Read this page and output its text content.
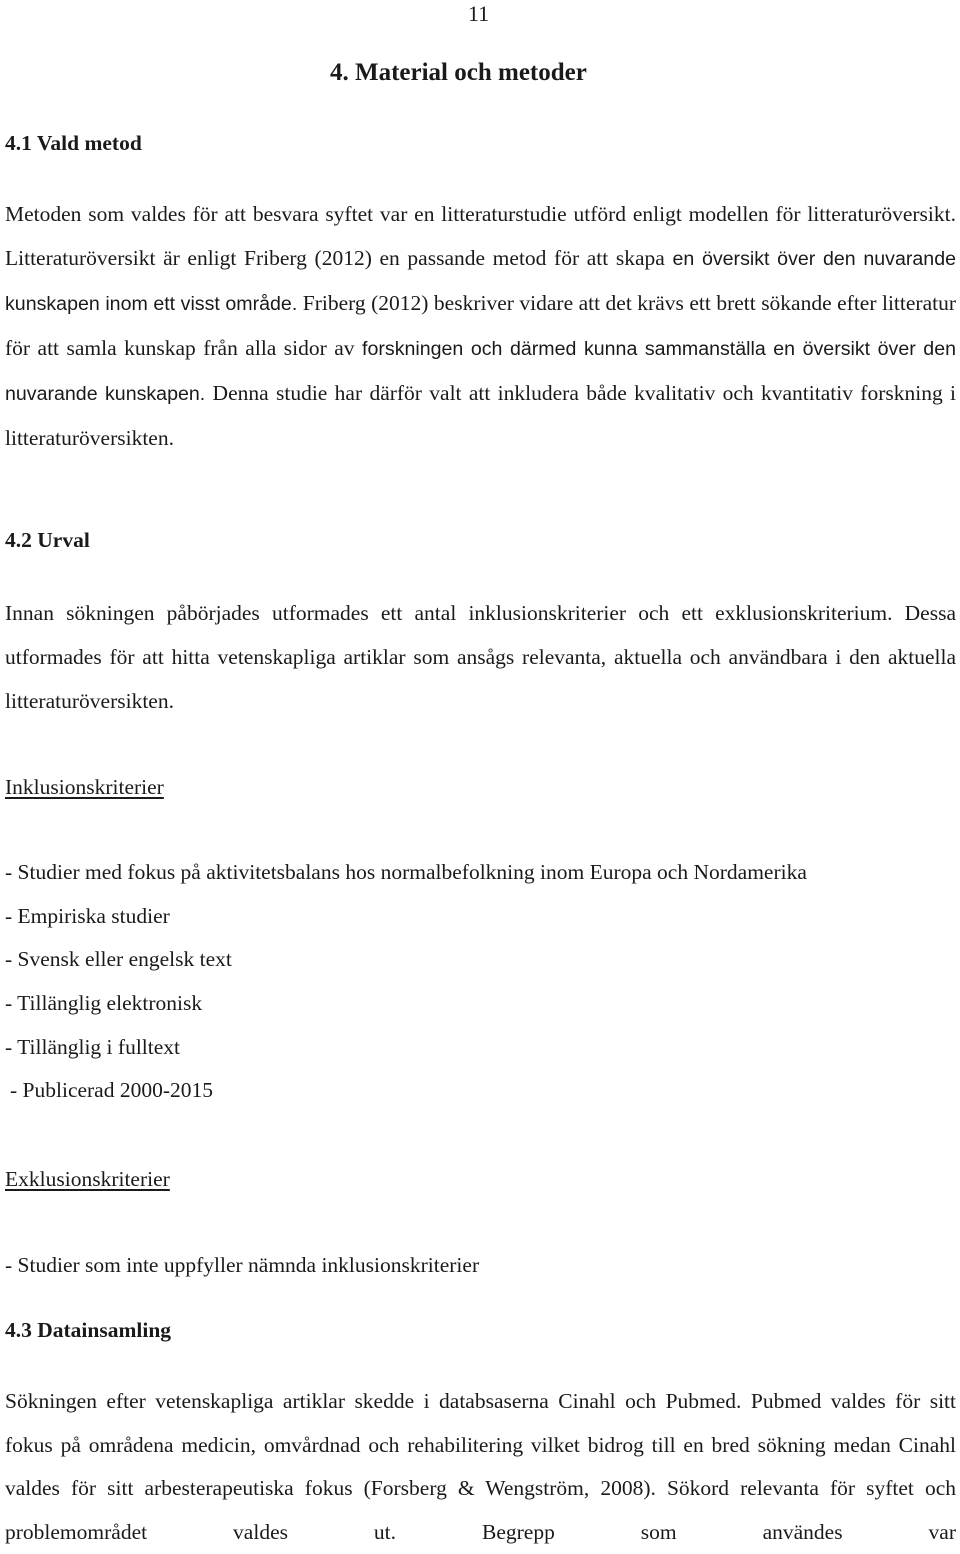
11
4. Material och metoder
4.1 Vald metod
Metoden som valdes för att besvara syftet var en litteraturstudie utförd enligt modellen för litteraturöversikt. Litteraturöversikt är enligt Friberg (2012) en passande metod för att skapa en översikt över den nuvarande kunskapen inom ett visst område. Friberg (2012) beskriver vidare att det krävs ett brett sökande efter litteratur för att samla kunskap från alla sidor av forskningen och därmed kunna sammanställa en översikt över den nuvarande kunskapen. Denna studie har därför valt att inkludera både kvalitativ och kvantitativ forskning i litteraturöversikten.
4.2 Urval
Innan sökningen påbörjades utformades ett antal inklusionskriterier och ett exklusionskriterium. Dessa utformades för att hitta vetenskapliga artiklar som ansågs relevanta, aktuella och användbara i den aktuella litteraturöversikten.
Inklusionskriterier
- Studier med fokus på aktivitetsbalans hos normalbefolkning inom Europa och Nordamerika
- Empiriska studier
- Svensk eller engelsk text
- Tillänglig elektronisk
- Tillänglig i fulltext
- Publicerad 2000-2015
Exklusionskriterier
- Studier som inte uppfyller nämnda inklusionskriterier
4.3 Datainsamling
Sökningen efter vetenskapliga artiklar skedde i databsaserna Cinahl och Pubmed. Pubmed valdes för sitt fokus på områdena medicin, omvårdnad och rehabilitering vilket bidrog till en bred sökning medan Cinahl valdes för sitt arbesterapeutiska fokus (Forsberg & Wengström, 2008). Sökord relevanta för syftet och problemområdet valdes ut. Begrepp som användes var
